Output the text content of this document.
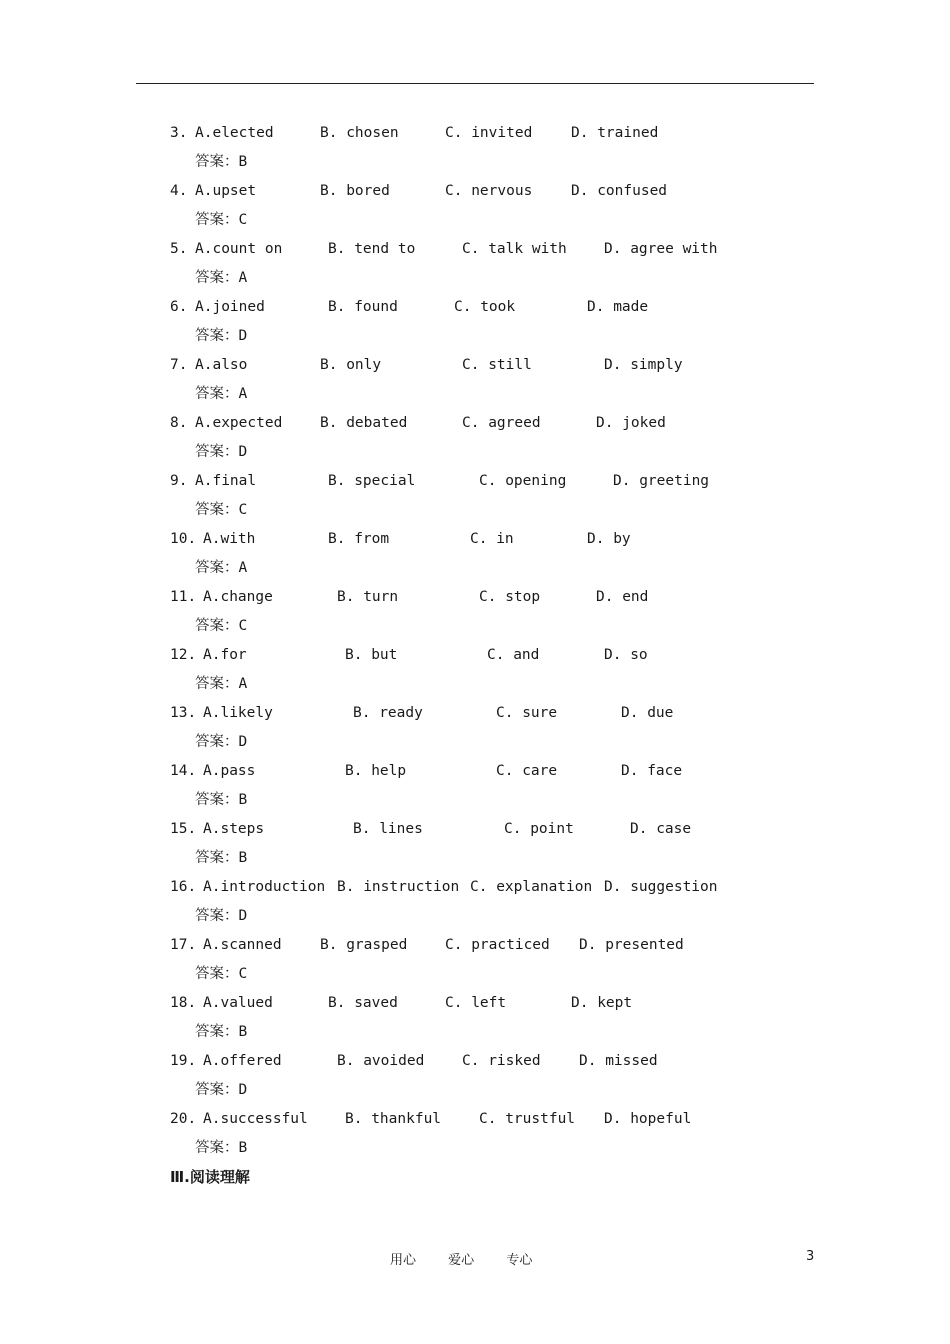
3. A.elected	B. chosen	C. invited	D. trained
答案：B
4. A.upset	B. bored	C. nervous	D. confused
答案：C
5. A.count on	B. tend to	C. talk with	D. agree with
答案：A
6. A.joined	B. found	C. took	D. made
答案：D
7. A.also	B. only	C. still	D. simply
答案：A
8. A.expected	B. debated	C. agreed	D. joked
答案：D
9. A.final	B. special	C. opening	D. greeting
答案：C
10. A.with	B. from	C. in	D. by
答案：A
11. A.change	B. turn	C. stop	D. end
答案：C
12. A.for	B. but	C. and	D. so
答案：A
13. A.likely	B. ready	C. sure	D. due
答案：D
14. A.pass	B. help	C. care	D. face
答案：B
15. A.steps	B. lines	C. point	D. case
答案：B
16. A.introduction B. instruction C. explanation D. suggestion
答案：D
17. A.scanned	B. grasped	C. practiced D. presented
答案：C
18. A.valued	B. saved	C. left	D. kept
答案：B
19. A.offered	B. avoided	C. risked	D. missed
答案：D
20. A.successful	B. thankful	C. trustful D. hopeful
答案：B
Ⅲ.阅读理解
用心 爱心 专心	3
